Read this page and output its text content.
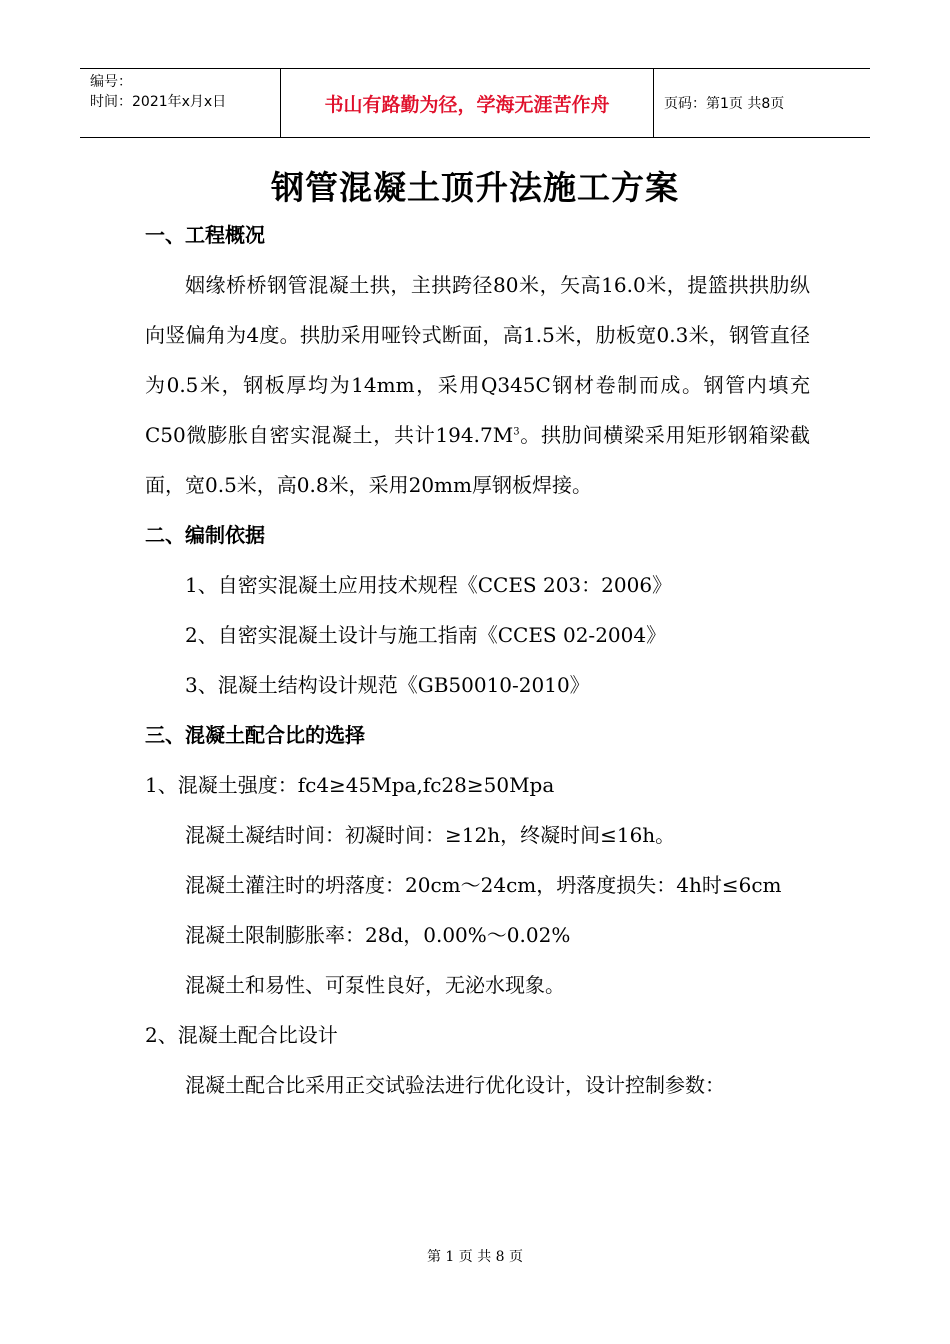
编号：
时间：2021年x月x日	书山有路勤为径，学海无涯苦作舟	页码：第1页 共8页
钢管混凝土顶升法施工方案
一、工程概况

姻缘桥桥钢管混凝土拱，主拱跨径80米，矢高16.0米，提篮拱拱肋纵向竖偏角为4度。拱肋采用哑铃式断面，高1.5米，肋板宽0.3米，钢管直径为0.5米，钢板厚均为14mm，采用Q345C钢材卷制而成。钢管内填充C50微膨胀自密实混凝土，共计$194.7M^3$。拱肋间横梁采用矩形钢箱梁截面，宽0.5米，高0.8米，采用20mm厚钢板焊接。

二、编制依据

1、自密实混凝土应用技术规程《CCES 203：2006》

2、自密实混凝土设计与施工指南《CCES 02-2004》

3、混凝土结构设计规范《GB50010-2010》

三、混凝土配合比的选择

1、混凝土强度：fc4≥45Mpa,fc28≥50Mpa

混凝土凝结时间：初凝时间：≥12h，终凝时间≤16h。

混凝土灌注时的坍落度：20cm～24cm，坍落度损失：4h时≤6cm

混凝土限制膨胀率：28d，0.00%～0.02%

混凝土和易性、可泵性良好，无泌水现象。

2、混凝土配合比设计

混凝土配合比采用正交试验法进行优化设计，设计控制参数：

第 1 页 共 8 页
